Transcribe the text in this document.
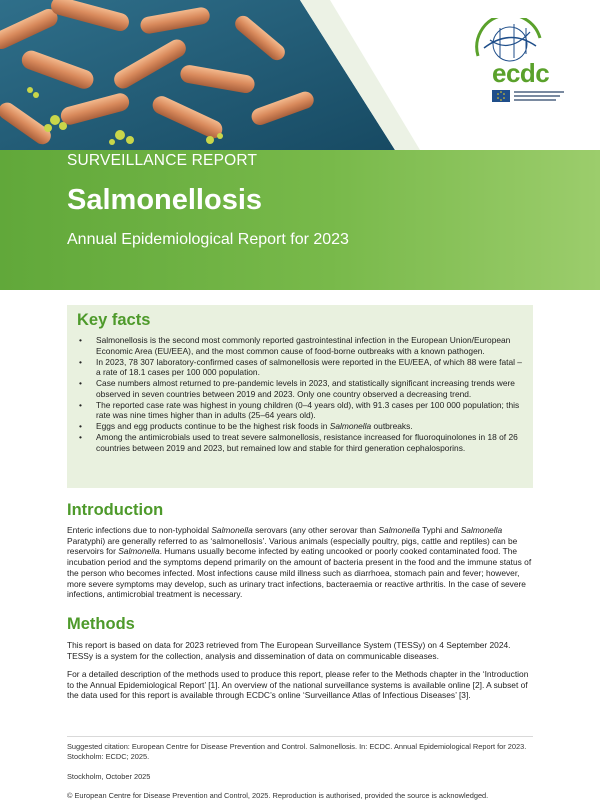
ecdc
SURVEILLANCE REPORT
Salmonellosis
Annual Epidemiological Report for 2023
Key facts
• Salmonellosis is the second most commonly reported gastrointestinal infection in the European Union/European Economic Area (EU/EEA), and the most common cause of food-borne outbreaks with a known pathogen.
• In 2023, 78 307 laboratory-confirmed cases of salmonellosis were reported in the EU/EEA, of which 88 were fatal – a rate of 18.1 cases per 100 000 population.
• Case numbers almost returned to pre-pandemic levels in 2023, and statistically significant increasing trends were observed in seven countries between 2019 and 2023. Only one country observed a decreasing trend.
• The reported case rate was highest in young children (0–4 years old), with 91.3 cases per 100 000 population; this rate was nine times higher than in adults (25–64 years old).
• Eggs and egg products continue to be the highest risk foods in Salmonella outbreaks.
• Among the antimicrobials used to treat severe salmonellosis, resistance increased for fluoroquinolones in 18 of 26 countries between 2019 and 2023, but remained low and stable for third generation cephalosporins.
Introduction

Enteric infections due to non-typhoidal Salmonella serovars (any other serovar than Salmonella Typhi and Salmonella Paratyphi) are generally referred to as ‘salmonellosis’. Various animals (especially poultry, pigs, cattle and reptiles) can be reservoirs for Salmonella. Humans usually become infected by eating uncooked or poorly cooked contaminated food. The incubation period and the symptoms depend primarily on the amount of bacteria present in the food and the immune status of the person who becomes infected. Most infections cause mild illness such as diarrhoea, stomach pain and fever; however, more severe symptoms may develop, such as urinary tract infections, bacteraemia or reactive arthritis. In the case of severe infections, antimicrobial treatment is necessary.

Methods

This report is based on data for 2023 retrieved from The European Surveillance System (TESSy) on 4 September 2024. TESSy is a system for the collection, analysis and dissemination of data on communicable diseases.

For a detailed description of the methods used to produce this report, please refer to the Methods chapter in the ‘Introduction to the Annual Epidemiological Report’ [1]. An overview of the national surveillance systems is available online [2]. A subset of the data used for this report is available through ECDC’s online ‘Surveillance Atlas of Infectious Diseases’ [3].

Suggested citation: European Centre for Disease Prevention and Control. Salmonellosis. In: ECDC. Annual Epidemiological Report for 2023. Stockholm: ECDC; 2025.

Stockholm, October 2025

© European Centre for Disease Prevention and Control, 2025. Reproduction is authorised, provided the source is acknowledged.
